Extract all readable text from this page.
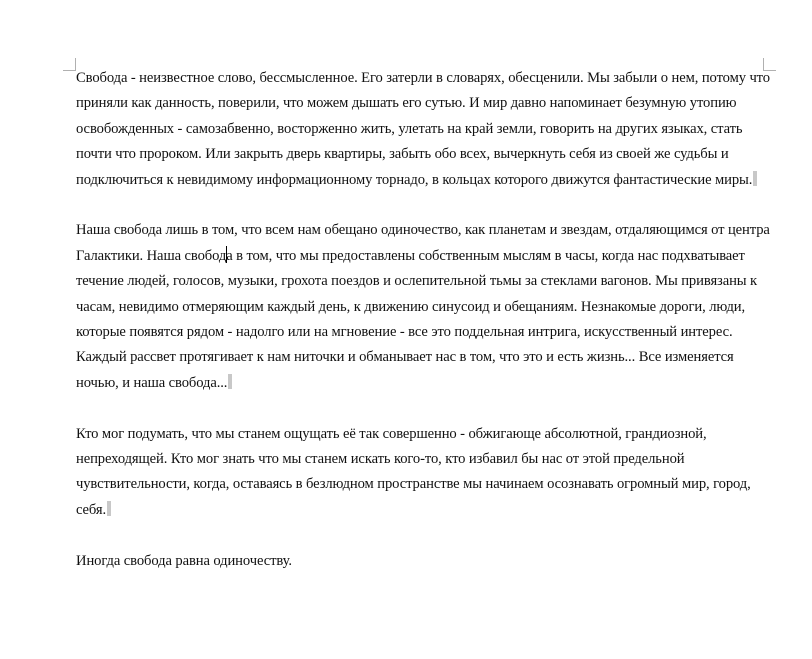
Свобода - неизвестное слово, бессмысленное. Его затерли в словарях, обесценили. Мы забыли о нем, потому что приняли как данность, поверили, что можем дышать его сутью. И мир давно напоминает безумную утопию освобожденных - самозабвенно, восторженно жить, улетать на край земли, говорить на других языках, стать почти что пророком. Или закрыть дверь квартиры, забыть обо всех, вычеркнуть себя из своей же судьбы и подключиться к невидимому информационному торнадо, в кольцах которого движутся фантастические миры.

Наша свобода лишь в том, что всем нам обещано одиночество, как планетам и звездам, отдаляющимся от центра Галактики. Наша свобода в том, что мы предоставлены собственным мыслям в часы, когда нас подхватывает течение людей, голосов, музыки, грохота поездов и ослепительной тьмы за стеклами вагонов. Мы привязаны к часам, невидимо отмеряющим каждый день, к движению синусоид и обещаниям. Незнакомые дороги, люди, которые появятся рядом - надолго или на мгновение - все это поддельная интрига, искусственный интерес. Каждый рассвет протягивает к нам ниточки и обманывает нас в том, что это и есть жизнь... Все изменяется ночью, и наша свобода...

Кто мог подумать, что мы станем ощущать её так совершенно - обжигающе абсолютной, грандиозной, непреходящей. Кто мог знать что мы станем искать кого-то, кто избавил бы нас от этой предельной чувствительности, когда, оставаясь в безлюдном пространстве мы начинаем осознавать огромный мир, город, себя.

Иногда свобода равна одиночеству.
